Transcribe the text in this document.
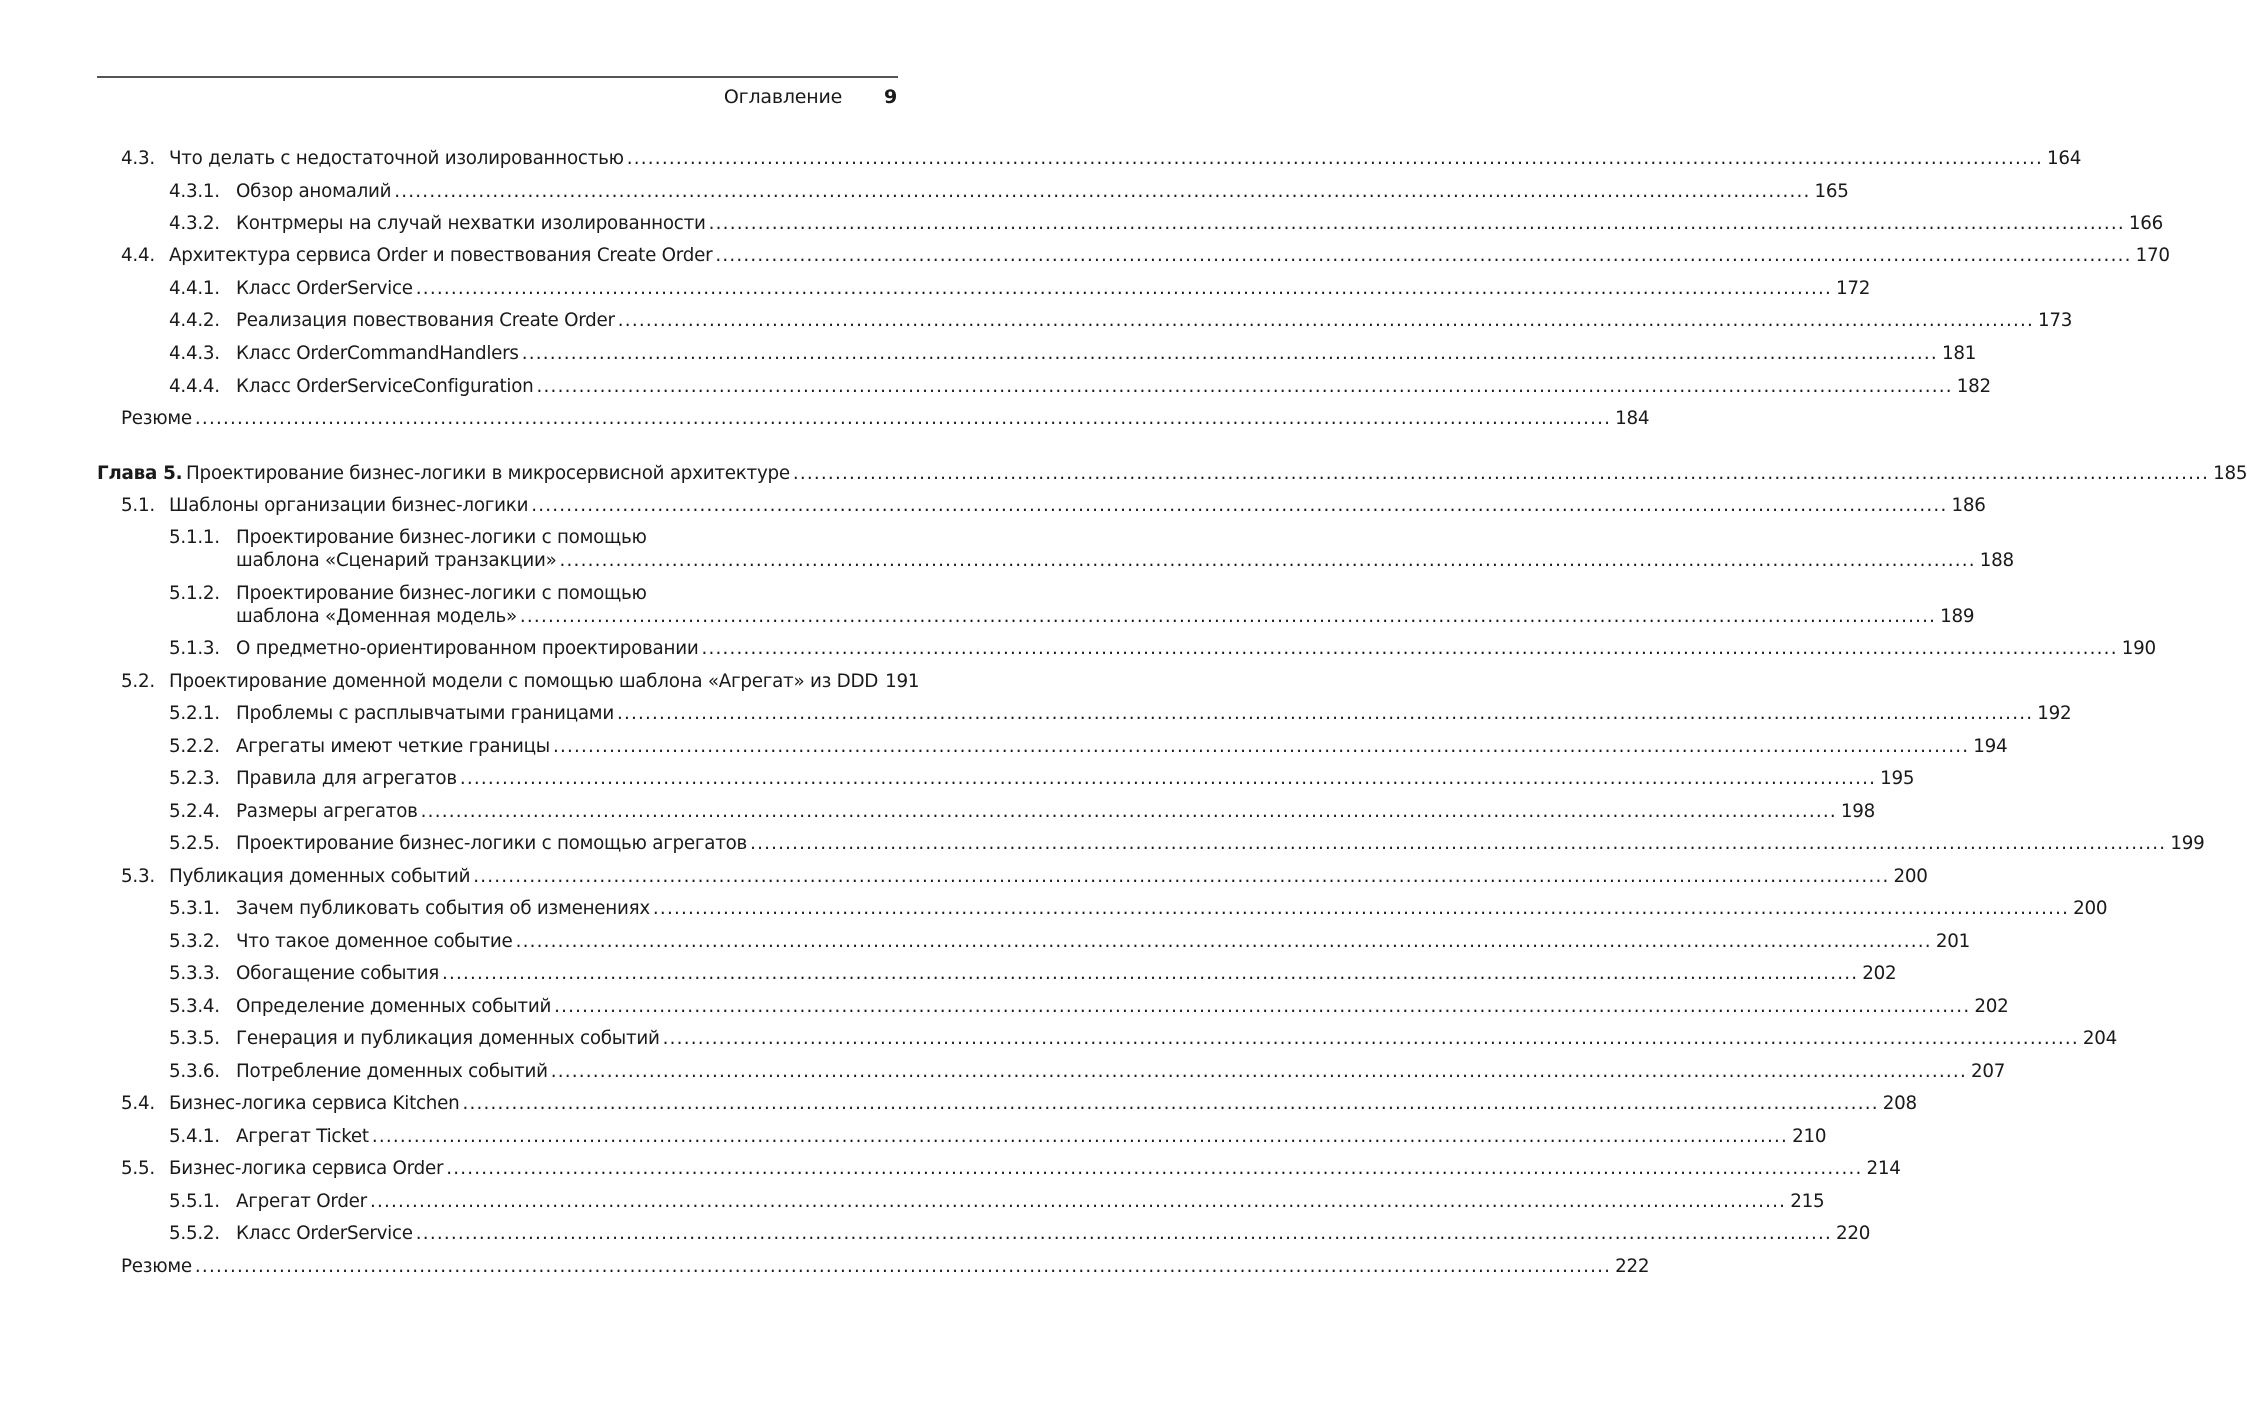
Оглавление 9
4.3. Что делать с недостаточной изолированностью .....	164
4.3.1. Обзор аномалий .....	165
4.3.2. Контрмеры на случай нехватки изолированности .....	166
4.4. Архитектура сервиса Order и повествования Create Order .....	170
4.4.1. Класс OrderService .....	172
4.4.2. Реализация повествования Create Order .....	173
4.4.3. Класс OrderCommandHandlers .....	181
4.4.4. Класс OrderServiceConfiguration .....	182
Резюме .....	184
Глава 5. Проектирование бизнес-логики в микросервисной архитектуре .....	185
5.1. Шаблоны организации бизнес-логики .....	186
5.1.1. Проектирование бизнес-логики с помощью
шаблона «Сценарий транзакции» .....	188
5.1.2. Проектирование бизнес-логики с помощью
шаблона «Доменная модель» .....	189
5.1.3. О предметно-ориентированном проектировании .....	190
5.2. Проектирование доменной модели с помощью шаблона «Агрегат» из DDD 191
5.2.1. Проблемы с расплывчатыми границами .....	192
5.2.2. Агрегаты имеют четкие границы .....	194
5.2.3. Правила для агрегатов .....	195
5.2.4. Размеры агрегатов .....	198
5.2.5. Проектирование бизнес-логики с помощью агрегатов .....	199
5.3. Публикация доменных событий .....	200
5.3.1. Зачем публиковать события об изменениях .....	200
5.3.2. Что такое доменное событие .....	201
5.3.3. Обогащение события .....	202
5.3.4. Определение доменных событий .....	202
5.3.5. Генерация и публикация доменных событий .....	204
5.3.6. Потребление доменных событий .....	207
5.4. Бизнес-логика сервиса Kitchen .....	208
5.4.1. Агрегат Ticket .....	210
5.5. Бизнес-логика сервиса Order .....	214
5.5.1. Агрегат Order .....	215
5.5.2. Класс OrderService .....	220
Резюме .....	222
